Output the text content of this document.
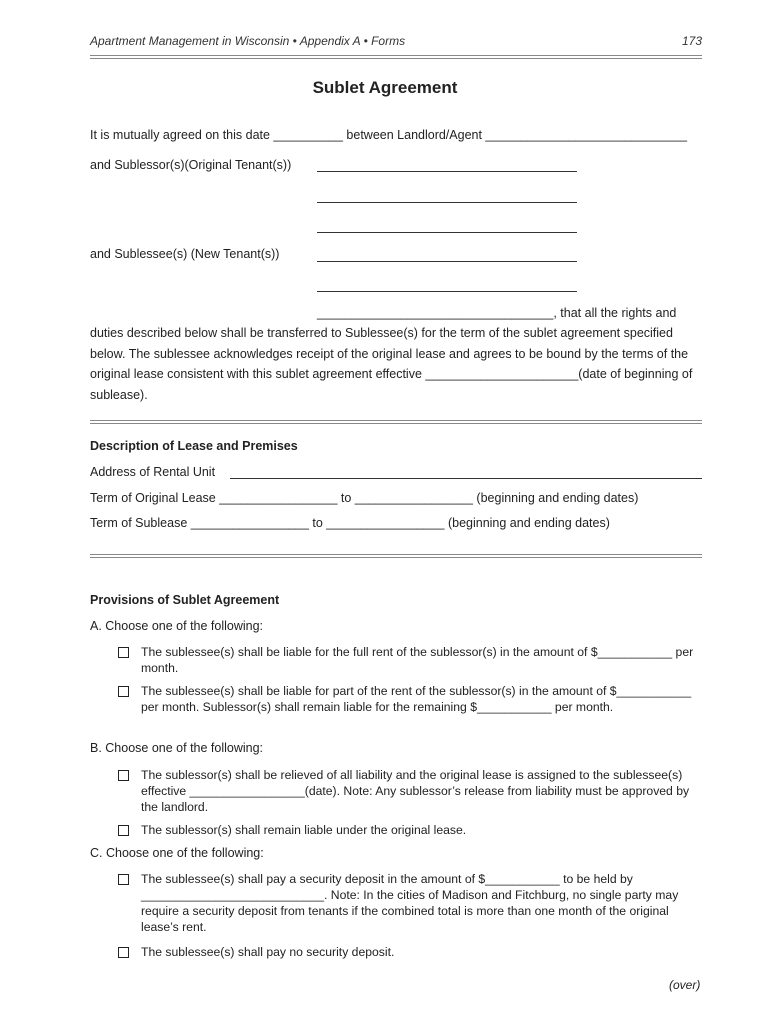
Apartment Management in Wisconsin • Appendix A • Forms	173
Sublet Agreement
It is mutually agreed on this date __________ between Landlord/Agent _____________________________
and Sublessor(s)(Original Tenant(s))
and Sublessee(s) (New Tenant(s))
__________________________________, that all the rights and
duties described below shall be transferred to Sublessee(s) for the term of the sublet agreement specified below. The sublessee acknowledges receipt of the original lease and agrees to be bound by the terms of the original lease consistent with this sublet agreement effective ______________________(date of beginning of sublease).
Description of Lease and Premises
Address of Rental Unit
Term of Original Lease _________________ to _________________ (beginning and ending dates)
Term of Sublease _________________ to _________________ (beginning and ending dates)
Provisions of Sublet Agreement
A. Choose one of the following:
The sublessee(s) shall be liable for the full rent of the sublessor(s) in the amount of $___________ per month.
The sublessee(s) shall be liable for part of the rent of the sublessor(s) in the amount of $___________ per month. Sublessor(s) shall remain liable for the remaining $___________ per month.
B. Choose one of the following:
The sublessor(s) shall be relieved of all liability and the original lease is assigned to the sublessee(s) effective _________________(date). Note: Any sublessor’s release from liability must be approved by the landlord.
The sublessor(s) shall remain liable under the original lease.
C. Choose one of the following:
The sublessee(s) shall pay a security deposit in the amount of $___________ to be held by ___________________________. Note: In the cities of Madison and Fitchburg, no single party may require a security deposit from tenants if the combined total is more than one month of the original lease’s rent.
The sublessee(s) shall pay no security deposit.
(over)
